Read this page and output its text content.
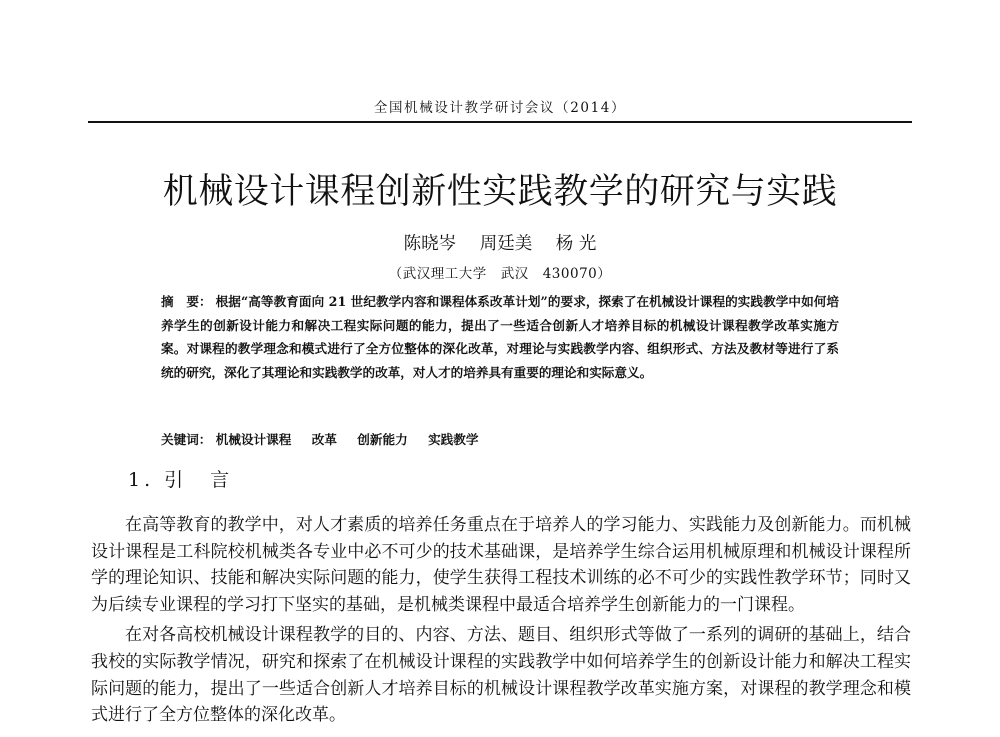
全国机械设计教学研讨会议（2014）
机械设计课程创新性实践教学的研究与实践
陈晓岑 周廷美 杨 光
（武汉理工大学　武汉　430070）
摘　要： 根据“高等教育面向 21 世纪教学内容和课程体系改革计划”的要求，探索了在机械设计课程的实践教学中如何培养学生的创新设计能力和解决工程实际问题的能力，提出了一些适合创新人才培养目标的机械设计课程教学改革实施方案。对课程的教学理念和模式进行了全方位整体的深化改革，对理论与实践教学内容、组织形式、方法及教材等进行了系统的研究，深化了其理论和实践教学的改革，对人才的培养具有重要的理论和实际意义。
关键词： 机械设计课程 改革 创新能力 实践教学
1. 引　言

在高等教育的教学中，对人才素质的培养任务重点在于培养人的学习能力、实践能力及创新能力。而机械设计课程是工科院校机械类各专业中必不可少的技术基础课，是培养学生综合运用机械原理和机械设计课程所学的理论知识、技能和解决实际问题的能力，使学生获得工程技术训练的必不可少的实践性教学环节；同时又为后续专业课程的学习打下坚实的基础，是机械类课程中最适合培养学生创新能力的一门课程。

在对各高校机械设计课程教学的目的、内容、方法、题目、组织形式等做了一系列的调研的基础上，结合我校的实际教学情况，研究和探索了在机械设计课程的实践教学中如何培养学生的创新设计能力和解决工程实际问题的能力，提出了一些适合创新人才培养目标的机械设计课程教学改革实施方案，对课程的教学理念和模式进行了全方位整体的深化改革。
